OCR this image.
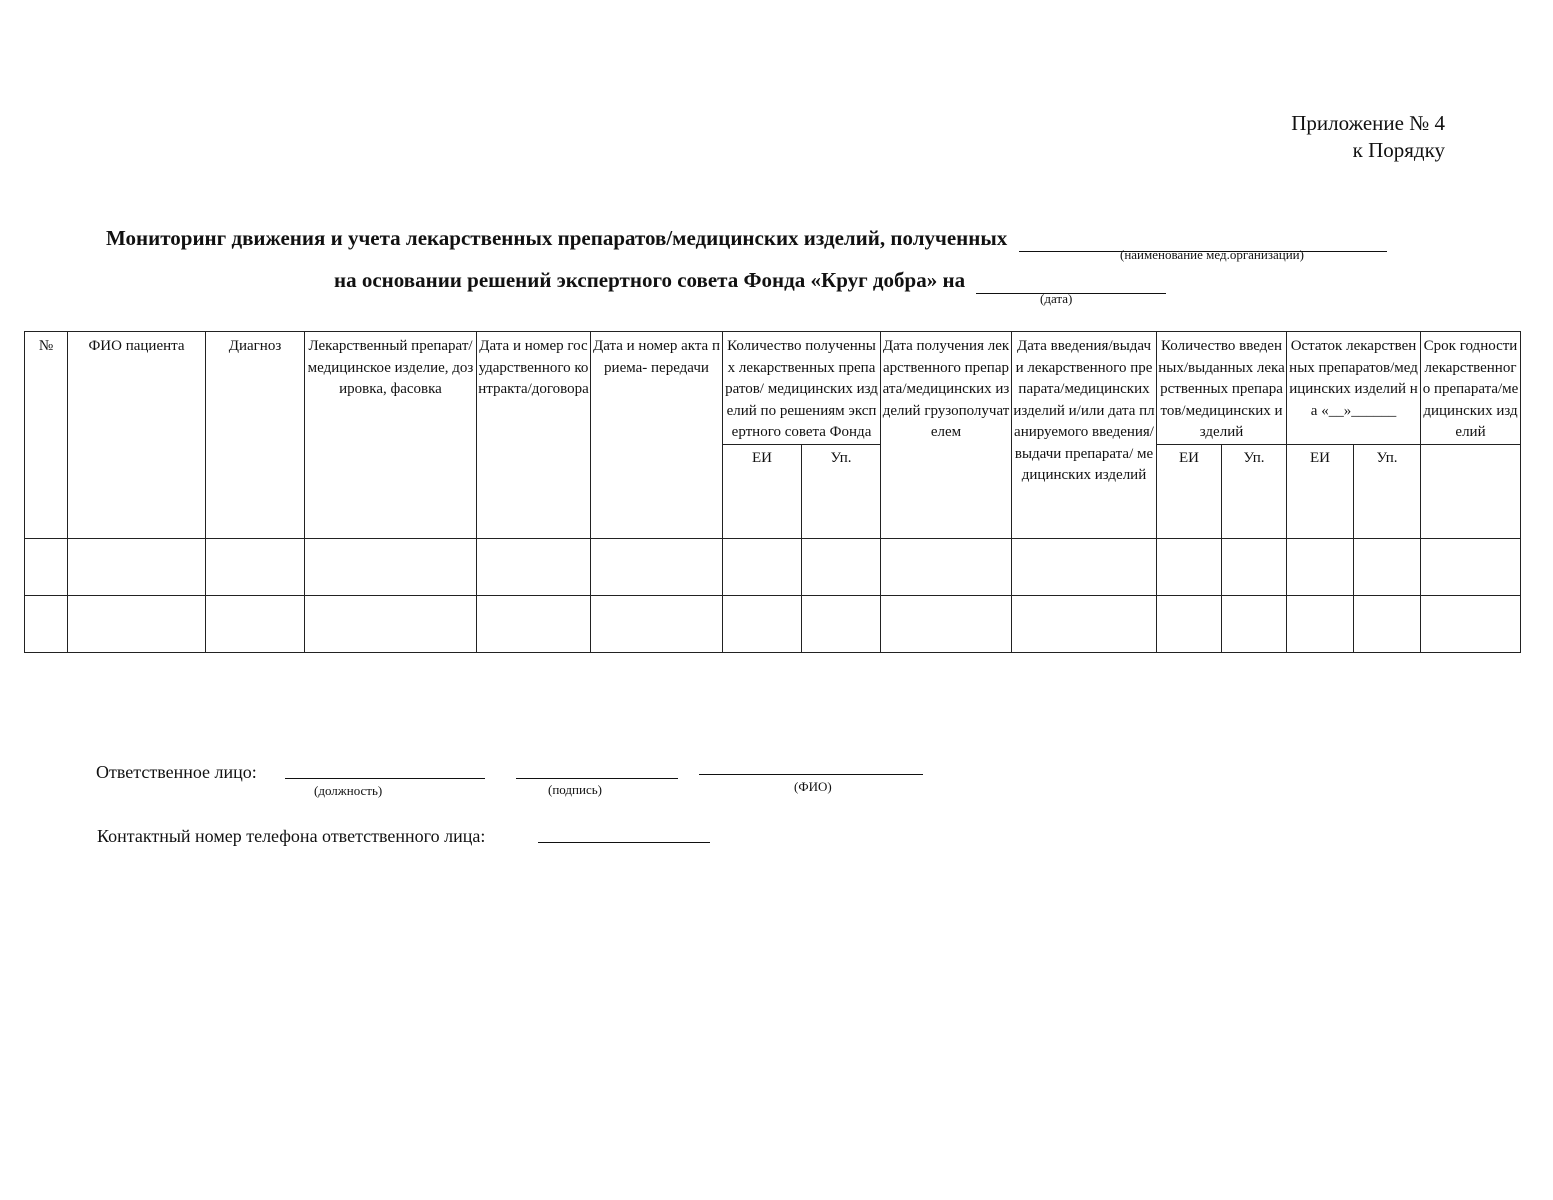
Приложение № 4
к Порядку
Мониторинг движения и учета лекарственных препаратов/медицинских изделий, полученных
(наименование мед.организации)
на основании решений экспертного совета Фонда «Круг добра» на
(дата)
№	ФИО пациента	Диагноз	Лекарственный препарат/медицинское изделие, дозировка, фасовка	Дата и номер государственного контракта/договора	Дата и номер акта приема- передачи	Количество полученных лекарственных препаратов/ медицинских изделий по решениям экспертного совета Фонда		Дата получения лекарственного препарата/медицинских изделий грузополучателем	Дата введения/выдачи лекарственного препарата/медицинских изделий и/или дата планируемого введения/выдачи препарата/ медицинских изделий	Количество введенных/выданных лекарственных препаратов/медицинских изделий		Остаток лекарственных препаратов/медицинских изделий на «__»______		Срок годности лекарственного препарата/медицинских изделий
						ЕИ	Уп.			ЕИ	Уп.	ЕИ	Уп.	

Ответственное лицо:
(должность)	(подпись)	(ФИО)
Контактный номер телефона ответственного лица:
